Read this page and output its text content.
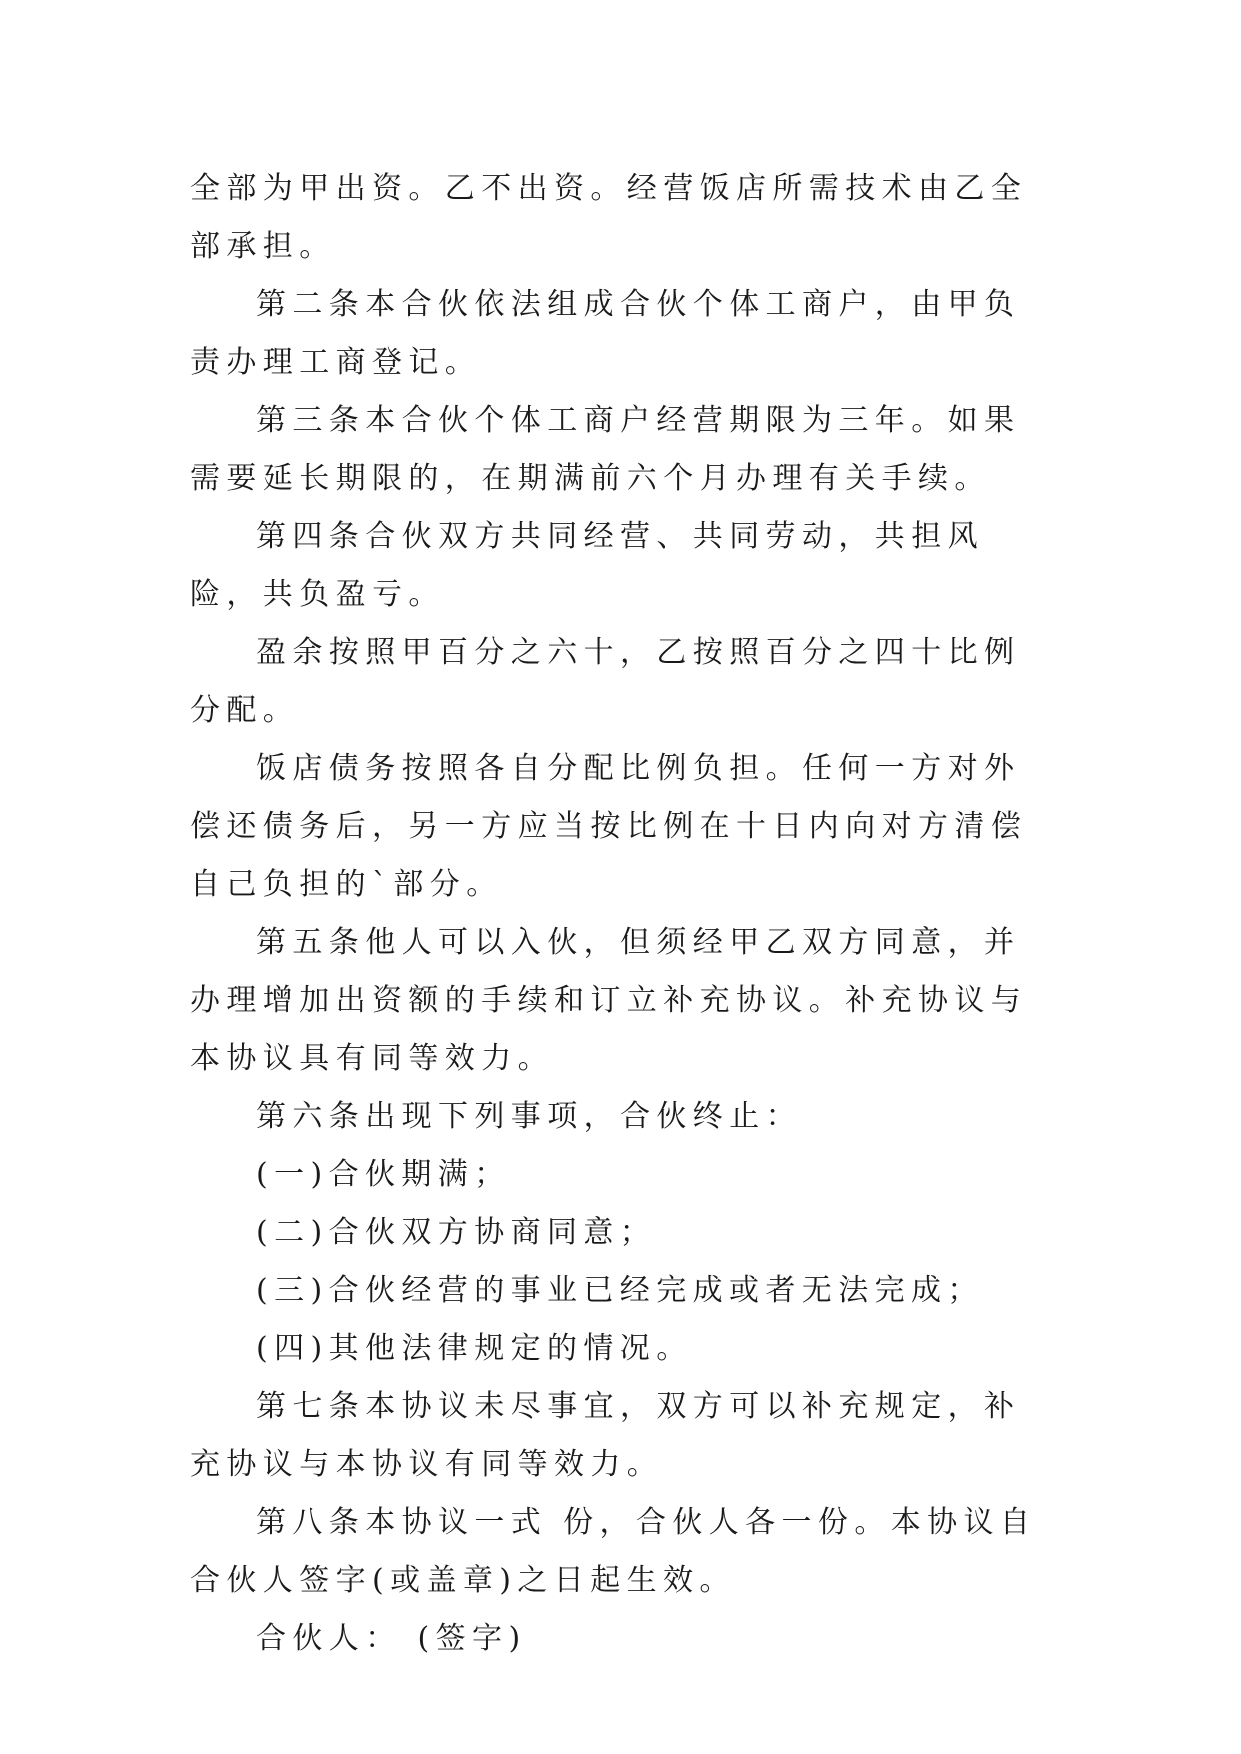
全部为甲出资。乙不出资。经营饭店所需技术由乙全部承担。

第二条本合伙依法组成合伙个体工商户，由甲负责办理工商登记。

第三条本合伙个体工商户经营期限为三年。如果需要延长期限的，在期满前六个月办理有关手续。

第四条合伙双方共同经营、共同劳动，共担风险，共负盈亏。

盈余按照甲百分之六十，乙按照百分之四十比例分配。

饭店债务按照各自分配比例负担。任何一方对外偿还债务后，另一方应当按比例在十日内向对方清偿自己负担的`部分。

第五条他人可以入伙，但须经甲乙双方同意，并办理增加出资额的手续和订立补充协议。补充协议与本协议具有同等效力。

第六条出现下列事项，合伙终止：

(一)合伙期满；

(二)合伙双方协商同意；

(三)合伙经营的事业已经完成或者无法完成；

(四)其他法律规定的情况。

第七条本协议未尽事宜，双方可以补充规定，补充协议与本协议有同等效力。

第八条本协议一式 份，合伙人各一份。本协议自合伙人签字(或盖章)之日起生效。

合伙人： (签字)
